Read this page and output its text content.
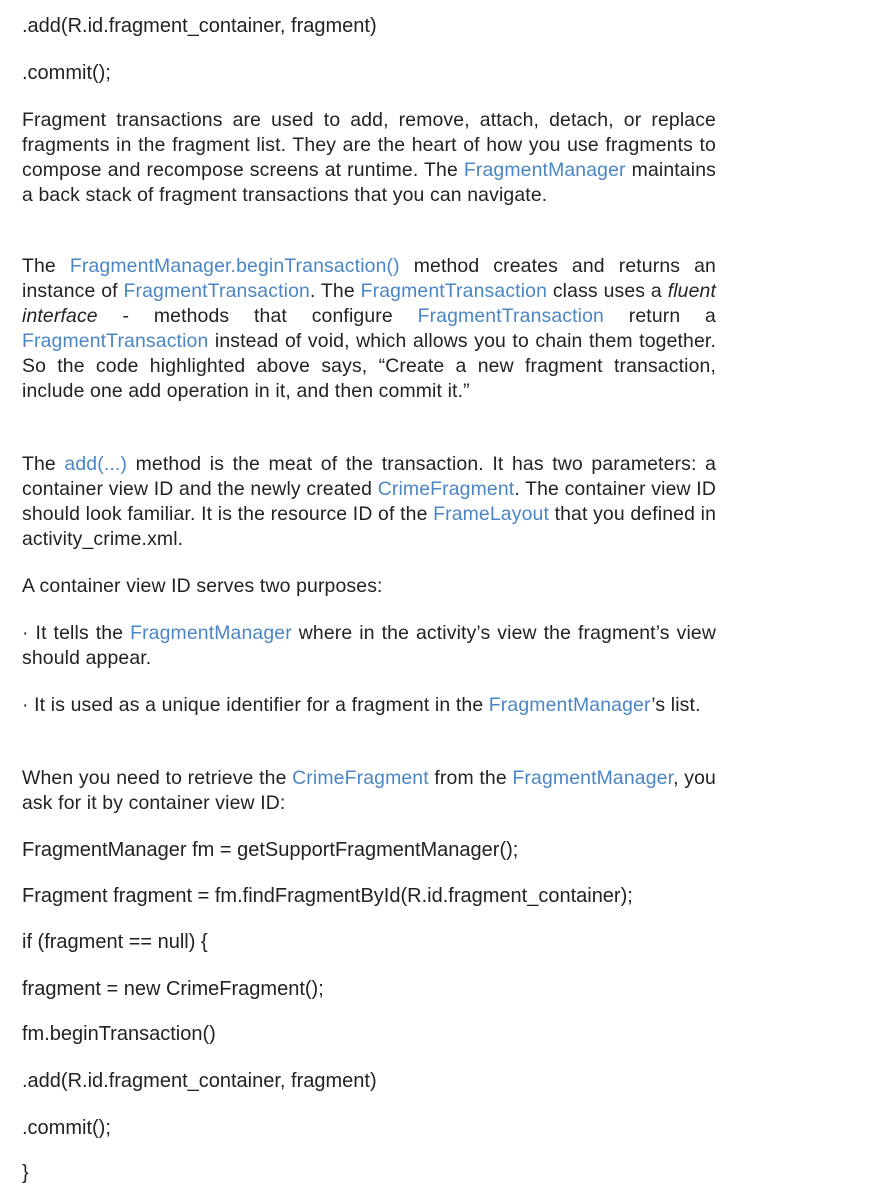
.add(R.id.fragment_container, fragment)

.commit();

Fragment transactions are used to add, remove, attach, detach, or replace fragments in the fragment list. They are the heart of how you use fragments to compose and recompose screens at runtime. The FragmentManager maintains a back stack of fragment transactions that you can navigate.

The FragmentManager.beginTransaction() method creates and returns an instance of FragmentTransaction. The FragmentTransaction class uses a fluent interface - methods that configure FragmentTransaction return a FragmentTransaction instead of void, which allows you to chain them together. So the code highlighted above says, “Create a new fragment transaction, include one add operation in it, and then commit it.”

The add(...) method is the meat of the transaction. It has two parameters: a container view ID and the newly created CrimeFragment. The container view ID should look familiar. It is the resource ID of the FrameLayout that you defined in activity_crime.xml.

A container view ID serves two purposes:

· It tells the FragmentManager where in the activity’s view the fragment’s view should appear.

· It is used as a unique identifier for a fragment in the FragmentManager’s list.

When you need to retrieve the CrimeFragment from the FragmentManager, you ask for it by container view ID:

FragmentManager fm = getSupportFragmentManager();

Fragment fragment = fm.findFragmentById(R.id.fragment_container);

if (fragment == null) {

fragment = new CrimeFragment();

fm.beginTransaction()

.add(R.id.fragment_container, fragment)

.commit();

}
